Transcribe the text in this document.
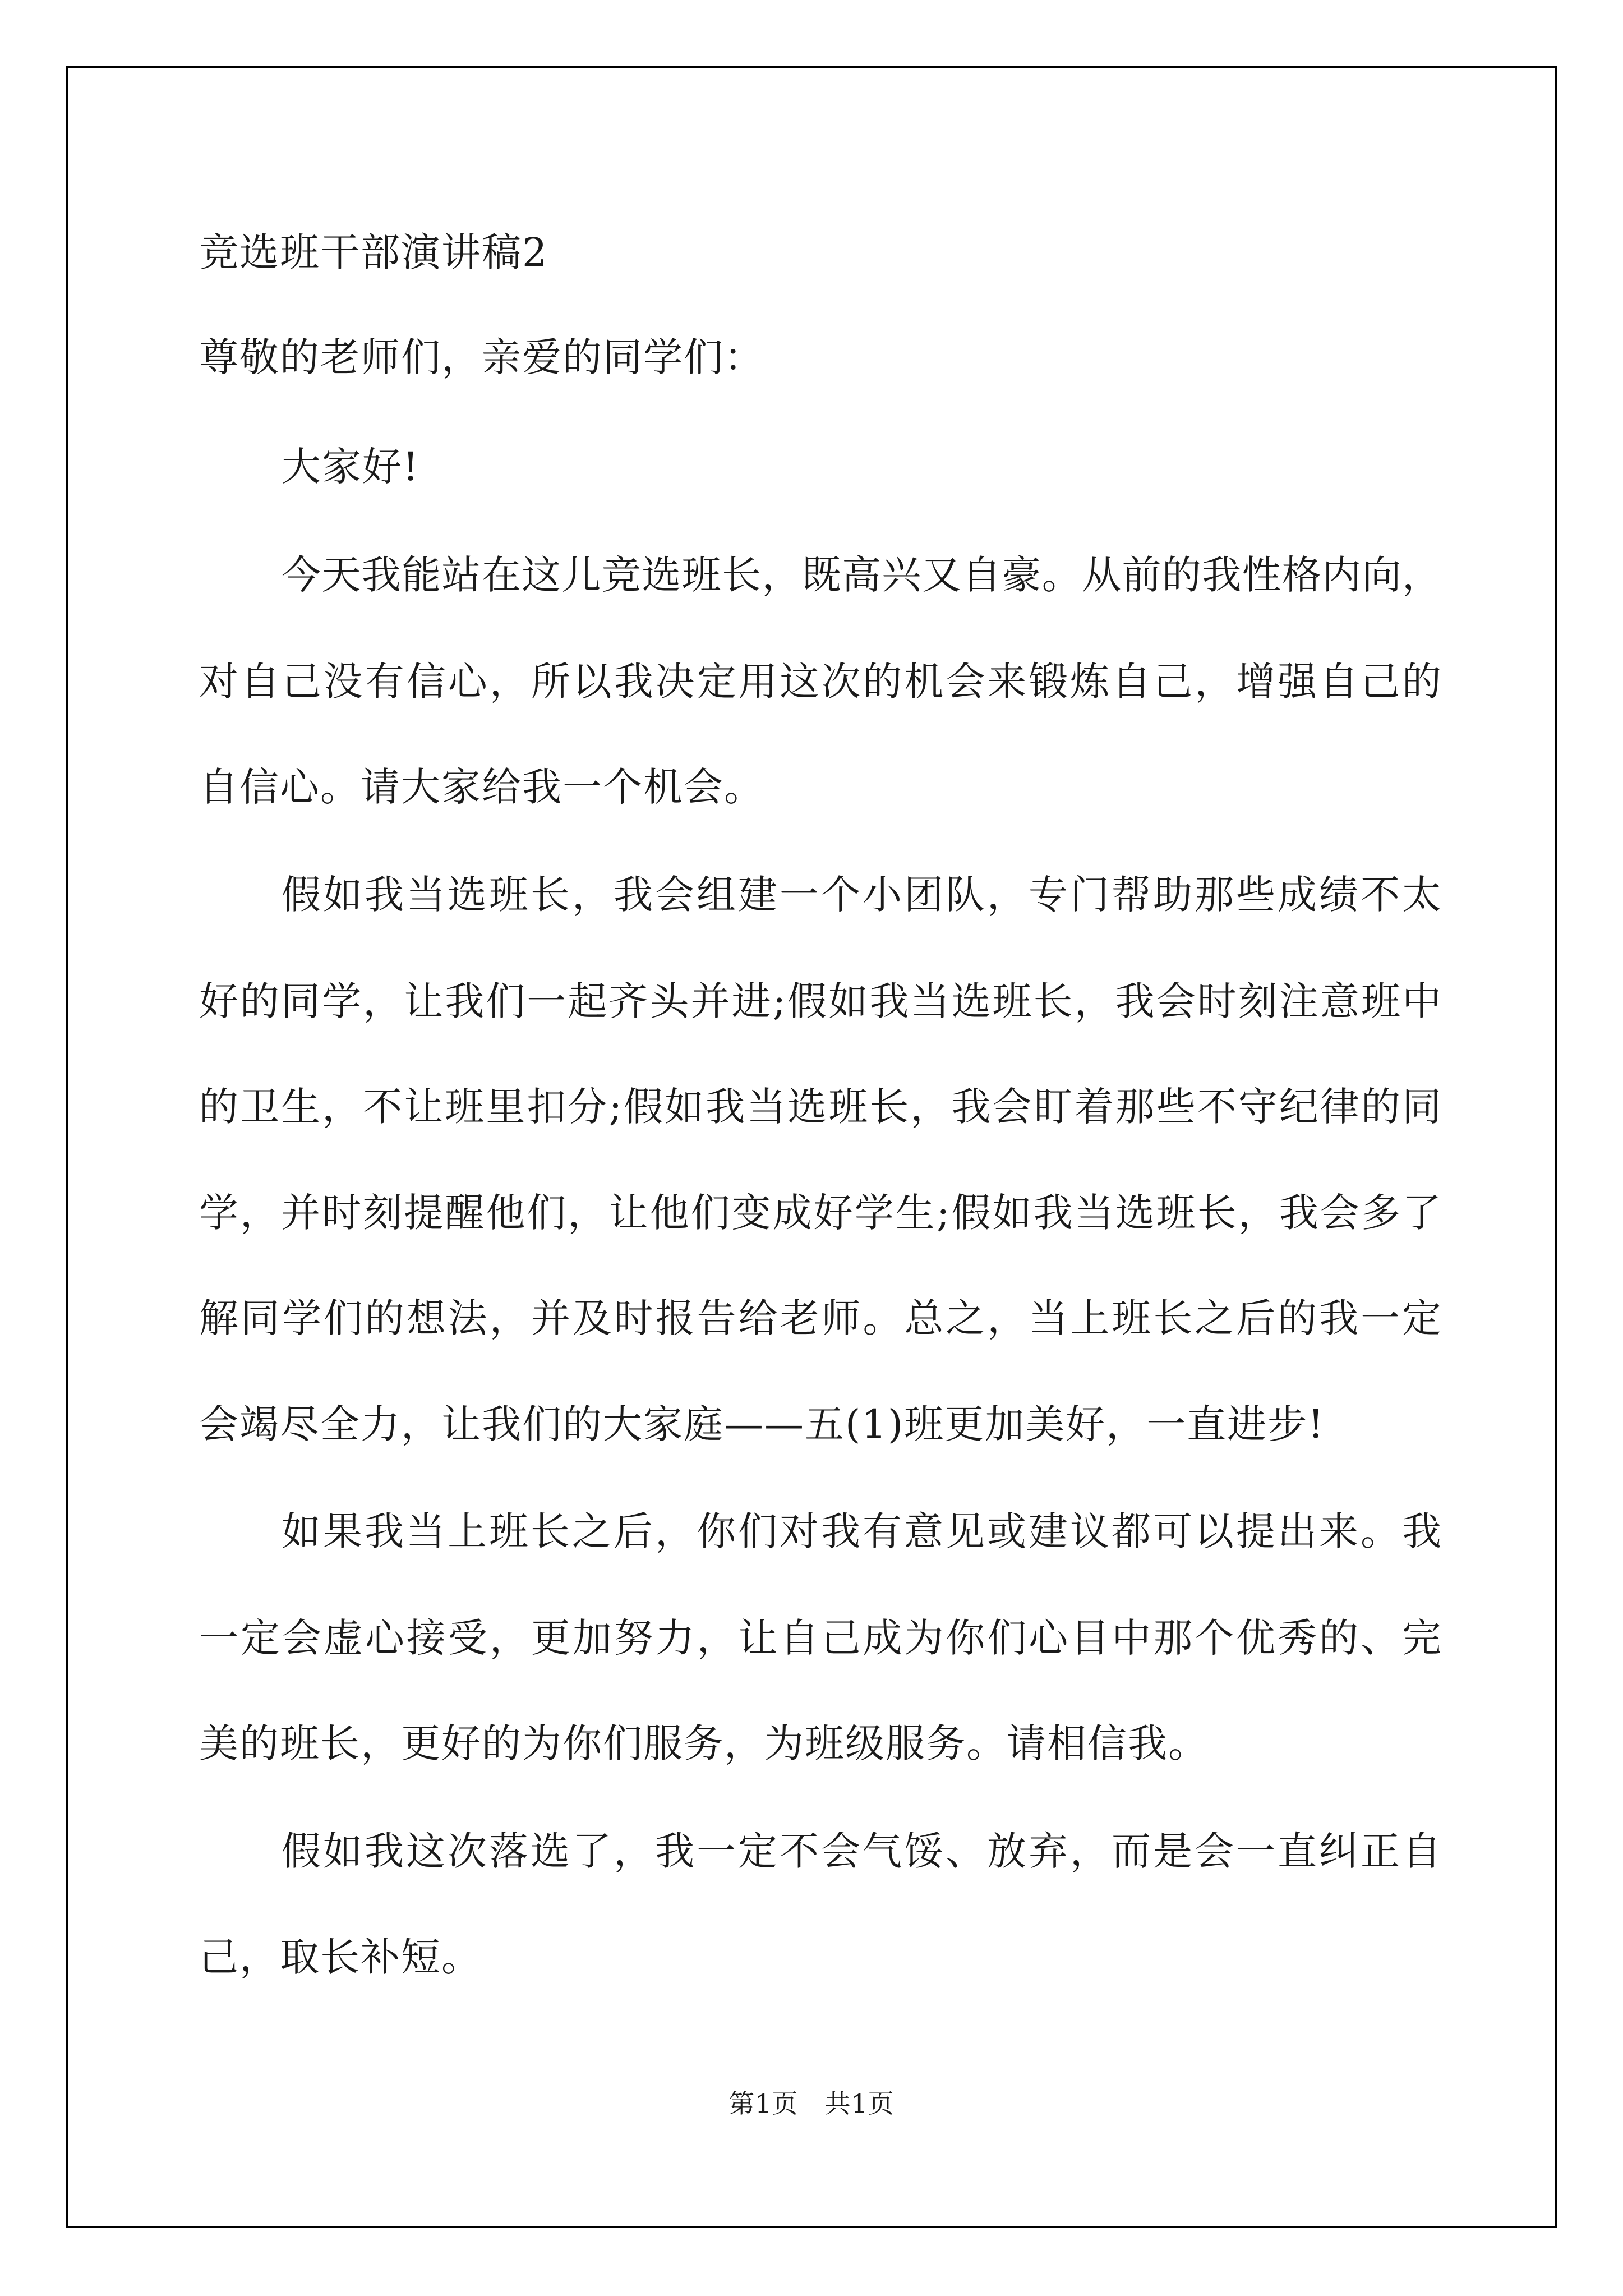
竞选班干部演讲稿2
尊敬的老师们，亲爱的同学们：
大家好!
今天我能站在这儿竞选班长，既高兴又自豪。从前的我性格内向，
对自己没有信心，所以我决定用这次的机会来锻炼自己，增强自己的
自信心。请大家给我一个机会。
假如我当选班长，我会组建一个小团队，专门帮助那些成绩不太
好的同学，让我们一起齐头并进;假如我当选班长，我会时刻注意班中
的卫生，不让班里扣分;假如我当选班长，我会盯着那些不守纪律的同
学，并时刻提醒他们，让他们变成好学生;假如我当选班长，我会多了
解同学们的想法，并及时报告给老师。总之，当上班长之后的我一定
会竭尽全力，让我们的大家庭——五(1)班更加美好，一直进步!
如果我当上班长之后，你们对我有意见或建议都可以提出来。我
一定会虚心接受，更加努力，让自己成为你们心目中那个优秀的、完
美的班长，更好的为你们服务，为班级服务。请相信我。
假如我这次落选了，我一定不会气馁、放弃，而是会一直纠正自
己，取长补短。
第1页　共1页
